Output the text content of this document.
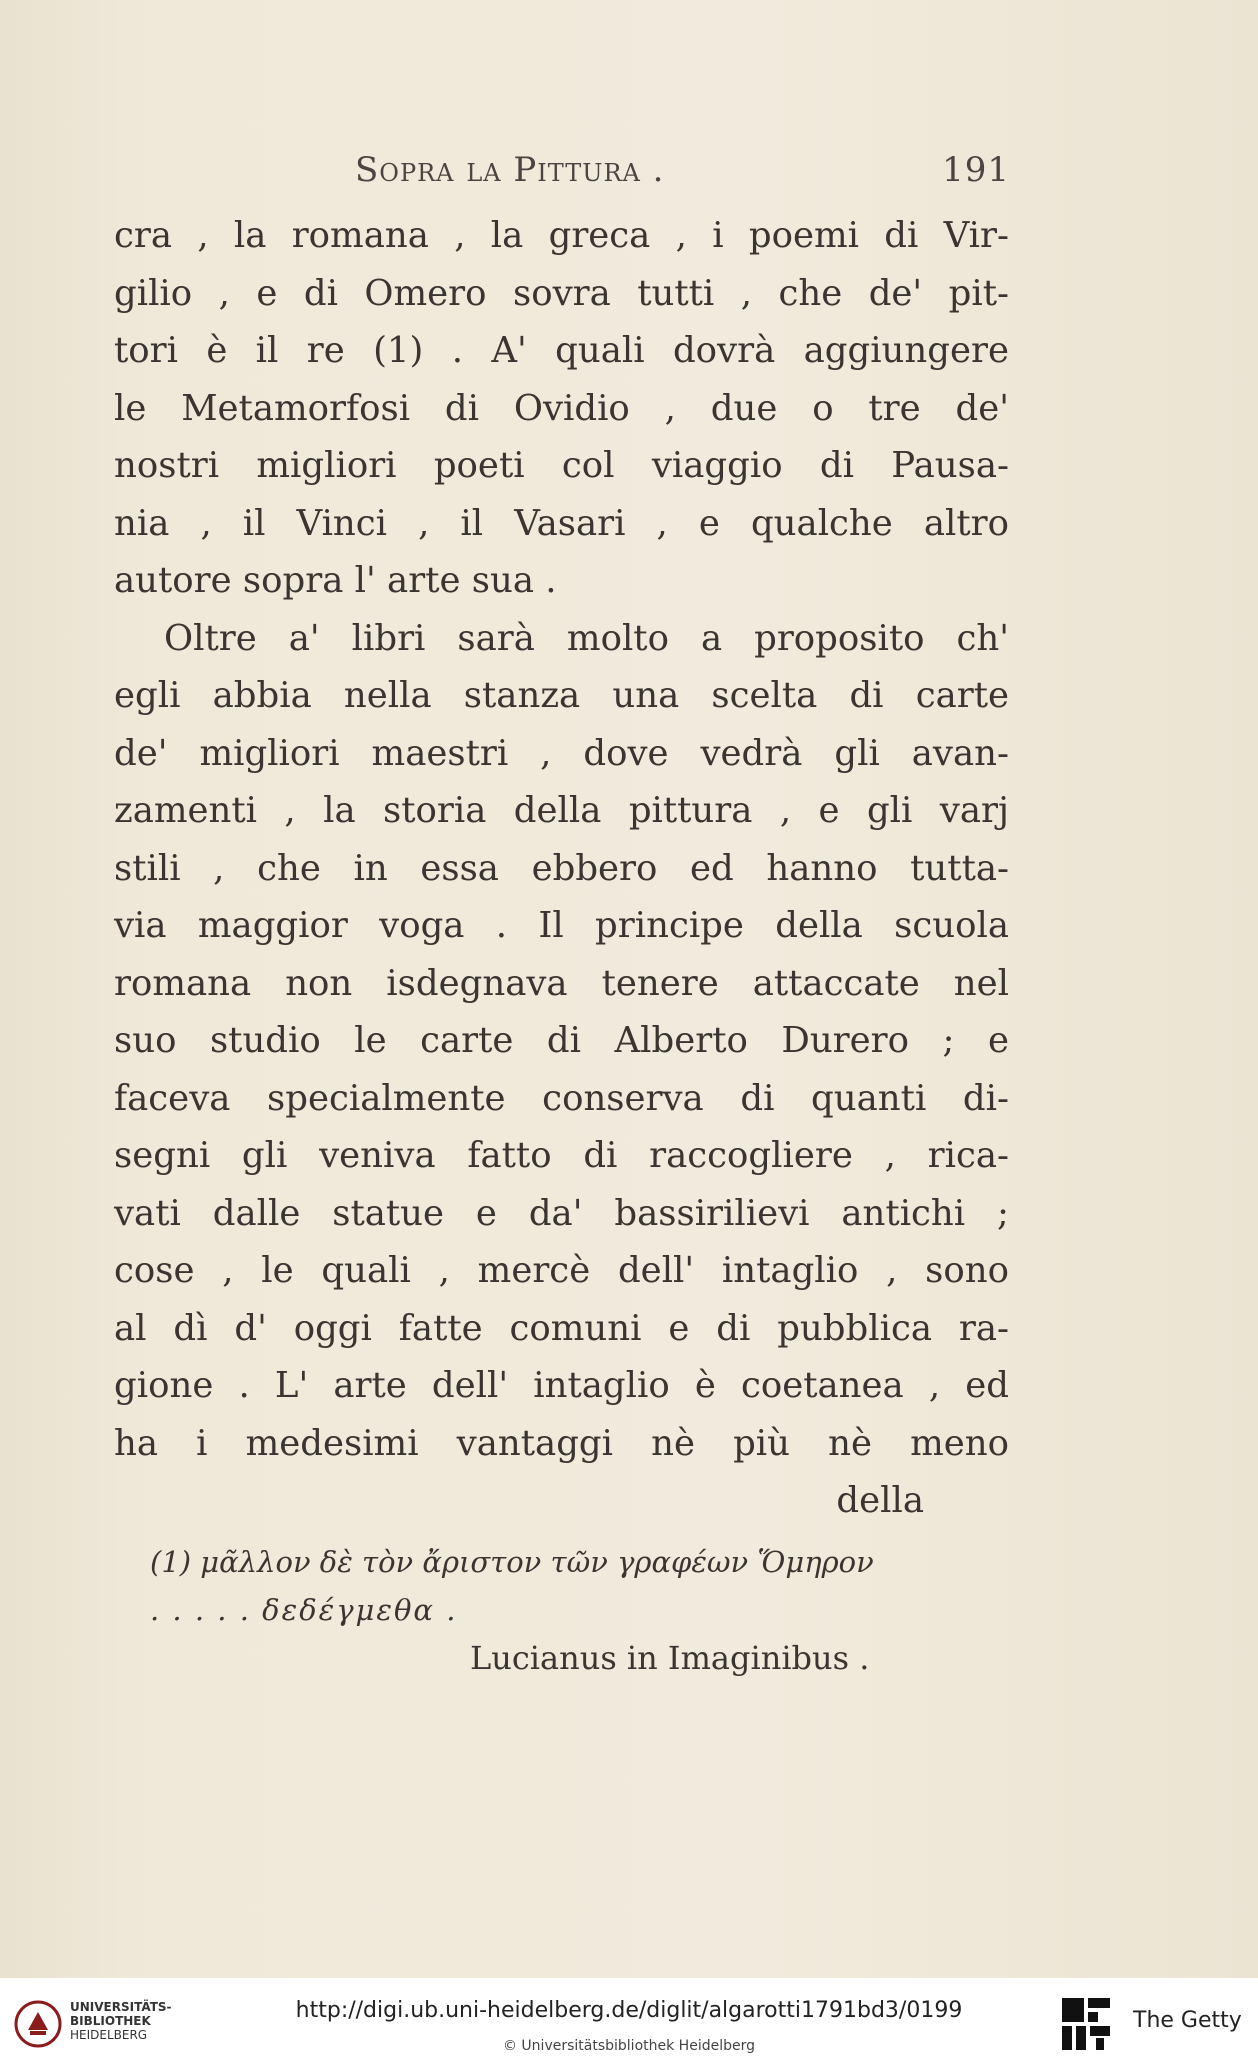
Sopra la Pittura .	191
cra , la romana , la greca , i poemi di Vir-
gilio , e di Omero sovra tutti , che de' pit-
tori è il re (1) . A' quali dovrà aggiungere
le Metamorfosi di Ovidio , due o tre de'
nostri migliori poeti col viaggio di Pausa-
nia , il Vinci , il Vasari , e qualche altro
autore sopra l' arte sua .
Oltre a' libri sarà molto a proposito ch'
egli abbia nella stanza una scelta di carte
de' migliori maestri , dove vedrà gli avan-
zamenti , la storia della pittura , e gli varj
stili , che in essa ebbero ed hanno tutta-
via maggior voga . Il principe della scuola
romana non isdegnava tenere attaccate nel
suo studio le carte di Alberto Durero ; e
faceva specialmente conserva di quanti di-
segni gli veniva fatto di raccogliere , rica-
vati dalle statue e da' bassirilievi antichi ;
cose , le quali , mercè dell' intaglio , sono
al dì d' oggi fatte comuni e di pubblica ra-
gione . L' arte dell' intaglio è coetanea , ed
ha i medesimi vantaggi nè più nè meno
della
(1) μᾶλλον δὲ τὸν ἄριστον τῶν γραφέων Ὅμηρον
. . . . . δεδέγμεθα .
Lucianus in Imaginibus .
UNIVERSITÄTS-
BIBLIOTHEK
HEIDELBERG
http://digi.ub.uni-heidelberg.de/diglit/algarotti1791bd3/0199
© Universitätsbibliothek Heidelberg
The Getty
